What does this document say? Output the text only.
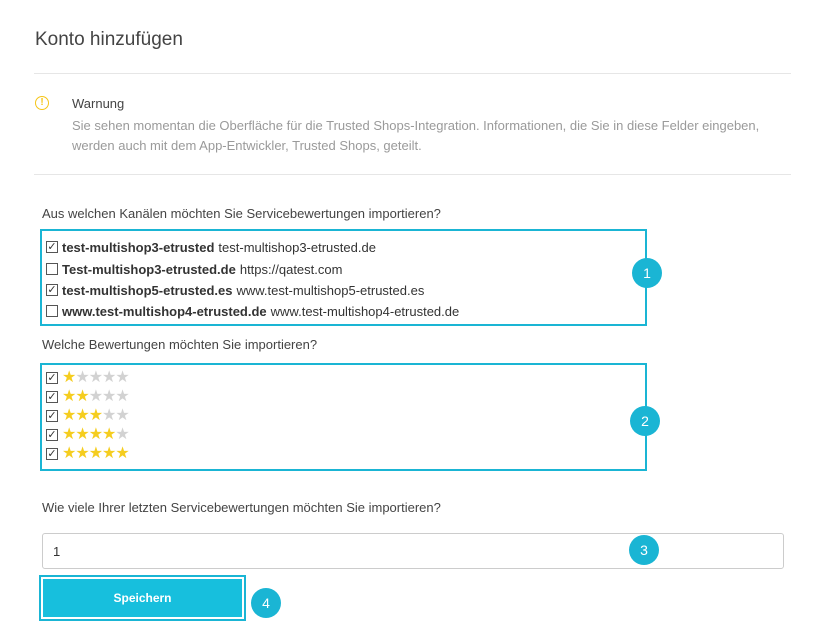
Konto hinzufügen
!	Warnung
Sie sehen momentan die Oberfläche für die Trusted Shops-Integration. Informationen, die Sie in diese Felder eingeben, werden auch mit dem App-Entwickler, Trusted Shops, geteilt.
Aus welchen Kanälen möchten Sie Servicebewertungen importieren?
✓ test-multishop3-etrusted test-multishop3-etrusted.de
Test-multishop3-etrusted.de https://qatest.com
✓ test-multishop5-etrusted.es www.test-multishop5-etrusted.es
www.test-multishop4-etrusted.de www.test-multishop4-etrusted.de
1
Welche Bewertungen möchten Sie importieren?
✓ ★★★★★
✓ ★★★★★
✓ ★★★★★
✓ ★★★★★
✓ ★★★★★
2
Wie viele Ihrer letzten Servicebewertungen möchten Sie importieren?
1
3
Speichern	4
